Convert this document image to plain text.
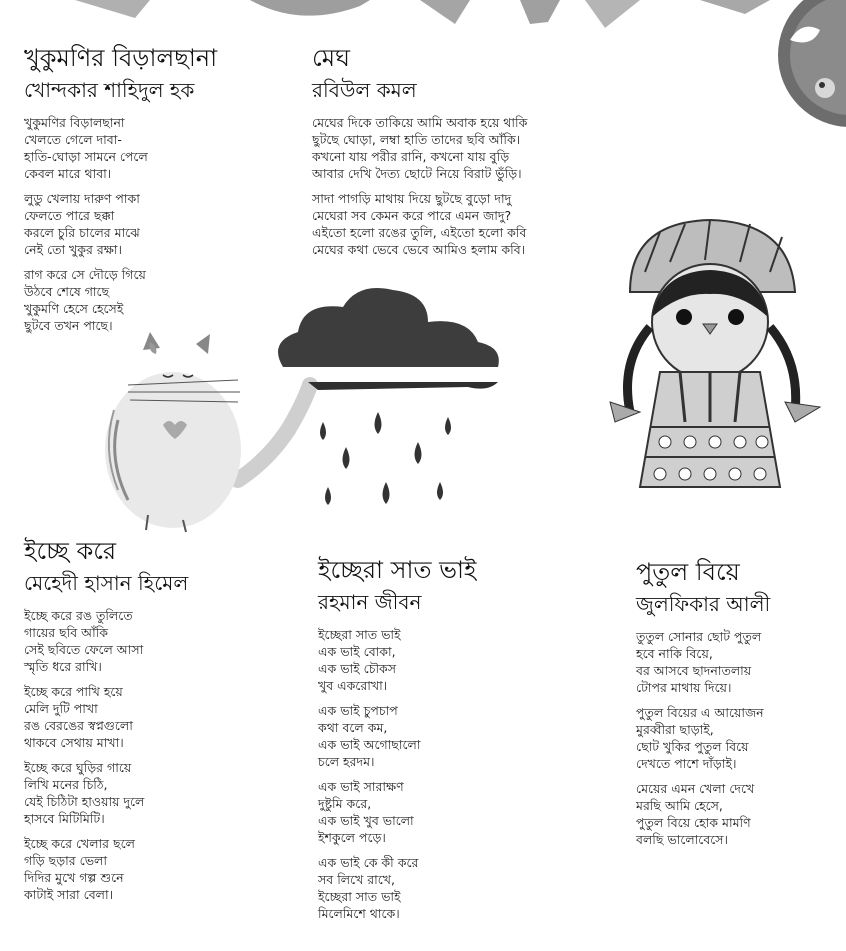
খুকুমণির বিড়ালছানা
খোন্দকার শাহিদুল হক

খুকুমণির বিড়ালছানা
খেলতে গেলে দাবা-
হাতি-ঘোড়া সামনে পেলে
কেবল মারে থাবা।

লুডু খেলায় দারুণ পাকা
ফেলতে পারে ছক্কা
করলে চুরি চালের মাঝে
নেই তো খুকুর রক্ষা।

রাগ করে সে দৌড়ে গিয়ে
উঠবে শেষে গাছে
খুকুমণি হেসে হেসেই
ছুটবে তখন পাছে।

মেঘ
রবিউল কমল

মেঘের দিকে তাকিয়ে আমি অবাক হয়ে থাকি
ছুটছে ঘোড়া, লম্বা হাতি তাদের ছবি আঁকি।
কখনো যায় পরীর রানি, কখনো যায় বুড়ি
আবার দেখি দৈত্য ছোটে নিয়ে বিরাট ভুঁড়ি।

সাদা পাগড়ি মাথায় দিয়ে ছুটছে বুড়ো দাদু
মেঘেরা সব কেমন করে পারে এমন জাদু?
এইতো হলো রঙের তুলি, এইতো হলো কবি
মেঘের কথা ভেবে ভেবে আমিও হলাম কবি।

ইচ্ছে করে
মেহেদী হাসান হিমেল

ইচ্ছে করে রঙ তুলিতে
গায়ের ছবি আঁকি
সেই ছবিতে ফেলে আসা
স্মৃতি ধরে রাখি।

ইচ্ছে করে পাখি হয়ে
মেলি দুটি পাখা
রঙ বেরঙের স্বপ্নগুলো
থাকবে সেথায় মাখা।

ইচ্ছে করে ঘুড়ির গায়ে
লিখি মনের চিঠি,
যেই চিঠিটা হাওয়ায় দুলে
হাসবে মিটিমিটি।

ইচ্ছে করে খেলার ছলে
গড়ি ছড়ার ভেলা
দিদির মুখে গল্প শুনে
কাটাই সারা বেলা।

ইচ্ছেরা সাত ভাই
রহমান জীবন

ইচ্ছেরা সাত ভাই
এক ভাই বোকা,
এক ভাই চৌকস
খুব একরোখা।

এক ভাই চুপচাপ
কথা বলে কম,
এক ভাই অগোছালো
চলে হরদম।

এক ভাই সারাক্ষণ
দুষ্টুমি করে,
এক ভাই খুব ভালো
ইশকুলে পড়ে।

এক ভাই কে কী করে
সব লিখে রাখে,
ইচ্ছেরা সাত ভাই
মিলেমিশে থাকে।

পুতুল বিয়ে
জুলফিকার আলী

তুতুল সোনার ছোট পুতুল
হবে নাকি বিয়ে,
বর আসবে ছাদনাতলায়
টোপর মাথায় দিয়ে।

পুতুল বিয়ের এ আয়োজন
মুরব্বীরা ছাড়াই,
ছোট খুকির পুতুল বিয়ে
দেখতে পাশে দাঁড়াই।

মেয়ের এমন খেলা দেখে
মরছি আমি হেসে,
পুতুল বিয়ে হোক মামণি
বলছি ভালোবেসে।
